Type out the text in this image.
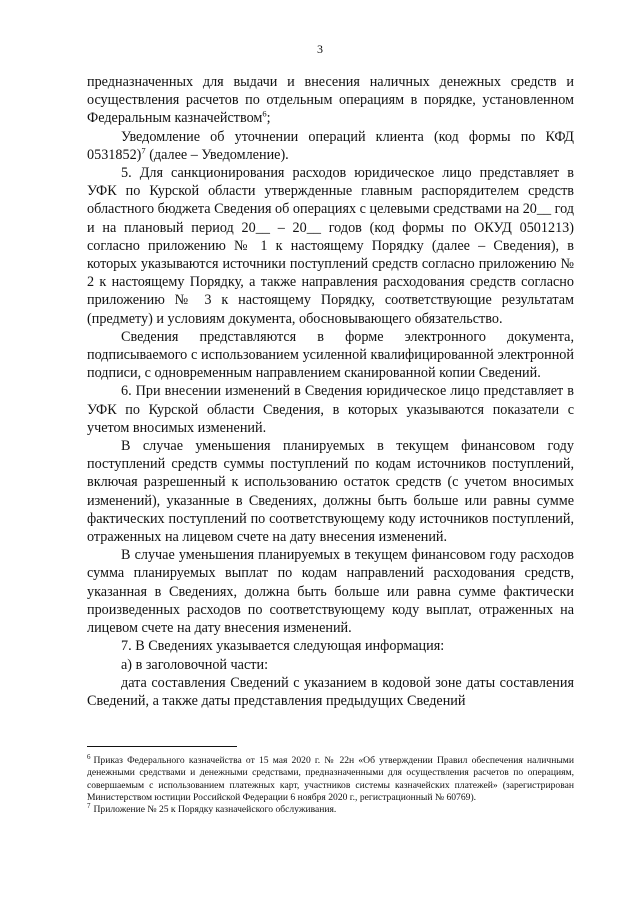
3

предназначенных для выдачи и внесения наличных денежных средств и осуществления расчетов по отдельным операциям в порядке, установленном Федеральным казначейством$^6$;

Уведомление об уточнении операций клиента (код формы по КФД 0531852)$^7$ (далее – Уведомление).

5. Для санкционирования расходов юридическое лицо представляет в УФК по Курской области утвержденные главным распорядителем средств областного бюджета Сведения об операциях с целевыми средствами на 20__ год и на плановый период 20__ – 20__ годов (код формы по ОКУД 0501213) согласно приложению № 1 к настоящему Порядку (далее – Сведения), в которых указываются источники поступлений средств согласно приложению № 2 к настоящему Порядку, а также направления расходования средств согласно приложению № 3 к настоящему Порядку, соответствующие результатам (предмету) и условиям документа, обосновывающего обязательство.

Сведения представляются в форме электронного документа, подписываемого с использованием усиленной квалифицированной электронной подписи, с одновременным направлением сканированной копии Сведений.

6. При внесении изменений в Сведения юридическое лицо представляет в УФК по Курской области Сведения, в которых указываются показатели с учетом вносимых изменений.

В случае уменьшения планируемых в текущем финансовом году поступлений средств суммы поступлений по кодам источников поступлений, включая разрешенный к использованию остаток средств (с учетом вносимых изменений), указанные в Сведениях, должны быть больше или равны сумме фактических поступлений по соответствующему коду источников поступлений, отраженных на лицевом счете на дату внесения изменений.

В случае уменьшения планируемых в текущем финансовом году расходов сумма планируемых выплат по кодам направлений расходования средств, указанная в Сведениях, должна быть больше или равна сумме фактически произведенных расходов по соответствующему коду выплат, отраженных на лицевом счете на дату внесения изменений.

7. В Сведениях указывается следующая информация:

а) в заголовочной части:

дата составления Сведений с указанием в кодовой зоне даты составления Сведений, а также даты представления предыдущих Сведений

$^6$ Приказ Федерального казначейства от 15 мая 2020 г. № 22н «Об утверждении Правил обеспечения наличными денежными средствами и денежными средствами, предназначенными для осуществления расчетов по операциям, совершаемым с использованием платежных карт, участников системы казначейских платежей» (зарегистрирован Министерством юстиции Российской Федерации 6 ноября 2020 г., регистрационный № 60769).

$^7$ Приложение № 25 к Порядку казначейского обслуживания.
